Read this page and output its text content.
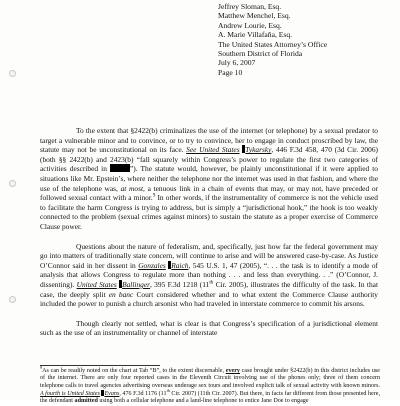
Jeffrey Sloman, Esq.
Matthew Menchel, Esq.
Andrew Lourie, Esq.
A. Marie Villafaña, Esq.
The United States Attorney’s Office
Southern District of Florida
July 6, 2007
Page 10

To the extent that §2422(b) criminalizes the use of the internet (or telephone) by a sexual predator to target a vulnerable minor and to convince, or to try to convince, her to engage in conduct proscribed by law, the statute may not be unconstitutional on its face. See United States Tykarsky, 446 F.3d 458, 470 (3d Cir. 2006) (both §§ 2422(b) and 2423(b) “fall squarely within Congress’s power to regulate the first two categories of activities described in	”). The statute would, however, be plainly unconstitutional if it were applied to situations like Mr. Epstein’s, where neither the telephone nor the internet was used in that fashion, and where the use of the telephone was, at most, a tenuous link in a chain of events that may, or may not, have preceded or followed sexual contact with a minor.$^9$ In other words, if the instrumentality of commerce is not the vehicle used to facilitate the harm Congress is trying to address, but is simply a “jurisdictional hook,” the hook is too weakly connected to the problem (sexual crimes against minors) to sustain the statute as a proper exercise of Commerce Clause power.

Questions about the nature of federalism, and, specifically, just how far the federal government may go into matters of traditionally state concern, will continue to arise and will be answered case-by-case. As Justice O’Connor said in her dissent in Gonzales Raich, 545 U.S. 1, 47 (2005), “. . . the task is to identify a mode of analysis that allows Congress to regulate more than nothing . . . and less than everything. . .” (O’Connor, J. dissenting). United States Ballinger, 395 F.3d 1218 (11th Cir. 2005), illustrates the difficulty of the task. In that case, the deeply split en banc Court considered whether and to what extent the Commerce Clause authority included the power to punish a church arsonist who had traveled in interstate commerce to commit his arsons.

Though clearly not settled, what is clear is that Congress’s specification of a jurisdictional element such as the use of an instrumentality or channel of interstate

$^9$As can be readily noted on the chart at Tab “B”, to the extent discernable, every case brought under §2422(b) in this district includes use of the internet. There are only four reported cases in the Eleventh Circuit involving use of the phones only; three of them concern telephone calls to travel agencies advertising overseas underage sex tours and involved explicit talk of sexual activity with known minors. A fourth is United States Evans, 476 F.3d 1176 (11th Cir. 2007) (11th Cir. 2007). But there, in facts far different from those presented here, the defendant admitted using both a cellular telephone and a land-line telephone to entice Jane Doe to engage
